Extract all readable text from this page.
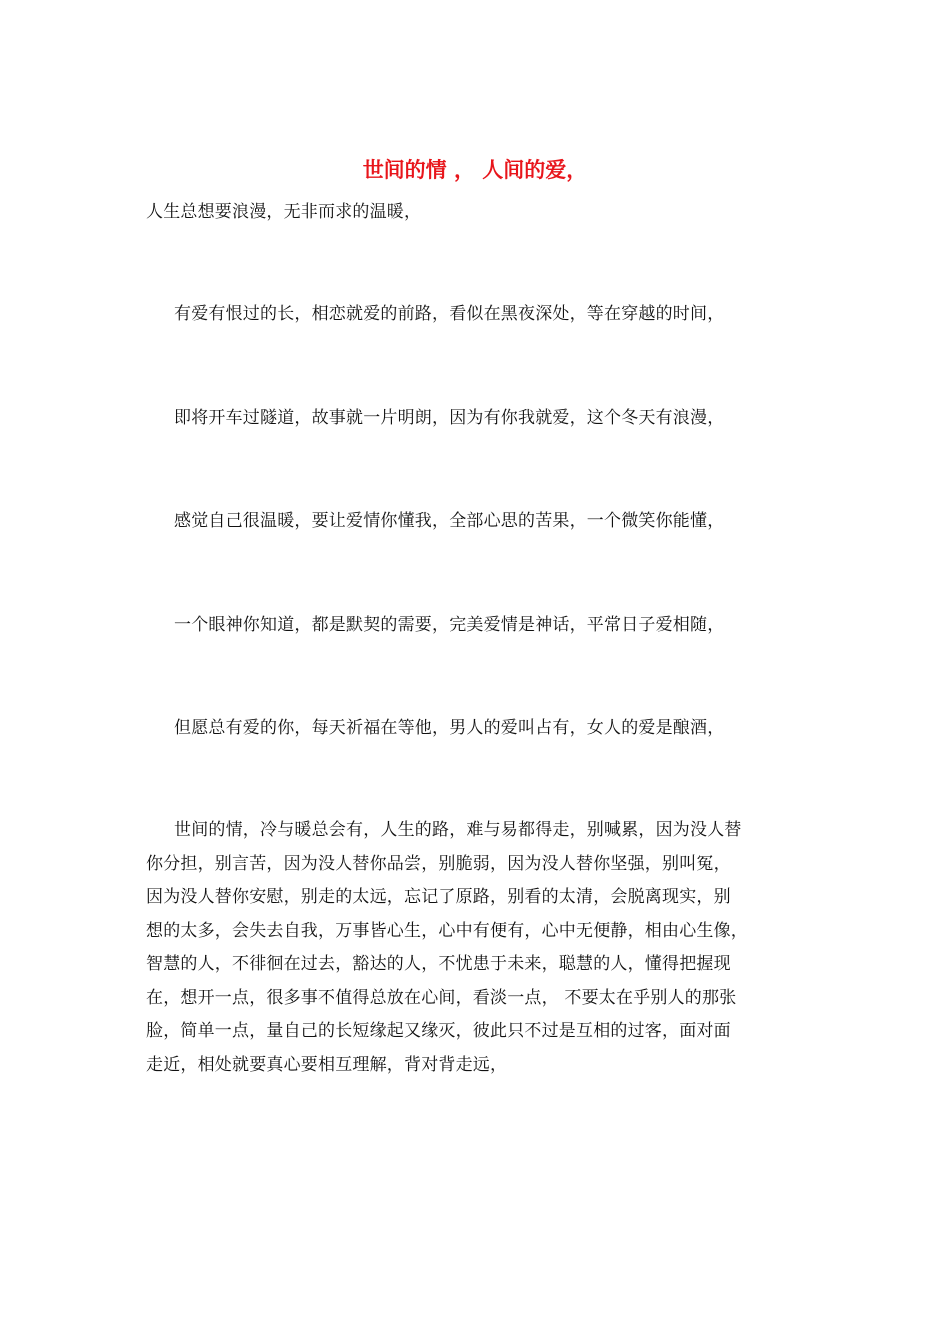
世间的情 ， 人间的爱，
人生总想要浪漫，无非而求的温暖，
有爱有恨过的长，相恋就爱的前路，看似在黑夜深处，等在穿越的时间，
即将开车过隧道，故事就一片明朗，因为有你我就爱，这个冬天有浪漫，
感觉自己很温暖，要让爱情你懂我，全部心思的苦果，一个微笑你能懂，
一个眼神你知道，都是默契的需要，完美爱情是神话，平常日子爱相随，
但愿总有爱的你，每天祈福在等他，男人的爱叫占有，女人的爱是酿酒，
世间的情，冷与暖总会有，人生的路，难与易都得走，别喊累，因为没人替
你分担，别言苦，因为没人替你品尝，别脆弱，因为没人替你坚强，别叫冤，
因为没人替你安慰，别走的太远，忘记了原路，别看的太清，会脱离现实，别
想的太多，会失去自我，万事皆心生，心中有便有，心中无便静，相由心生像，
智慧的人，不徘徊在过去，豁达的人，不忧患于未来，聪慧的人，懂得把握现
在，想开一点，很多事不值得总放在心间，看淡一点， 不要太在乎别人的那张
脸，简单一点，量自己的长短缘起又缘灭，彼此只不过是互相的过客，面对面
走近，相处就要真心要相互理解，背对背走远，
